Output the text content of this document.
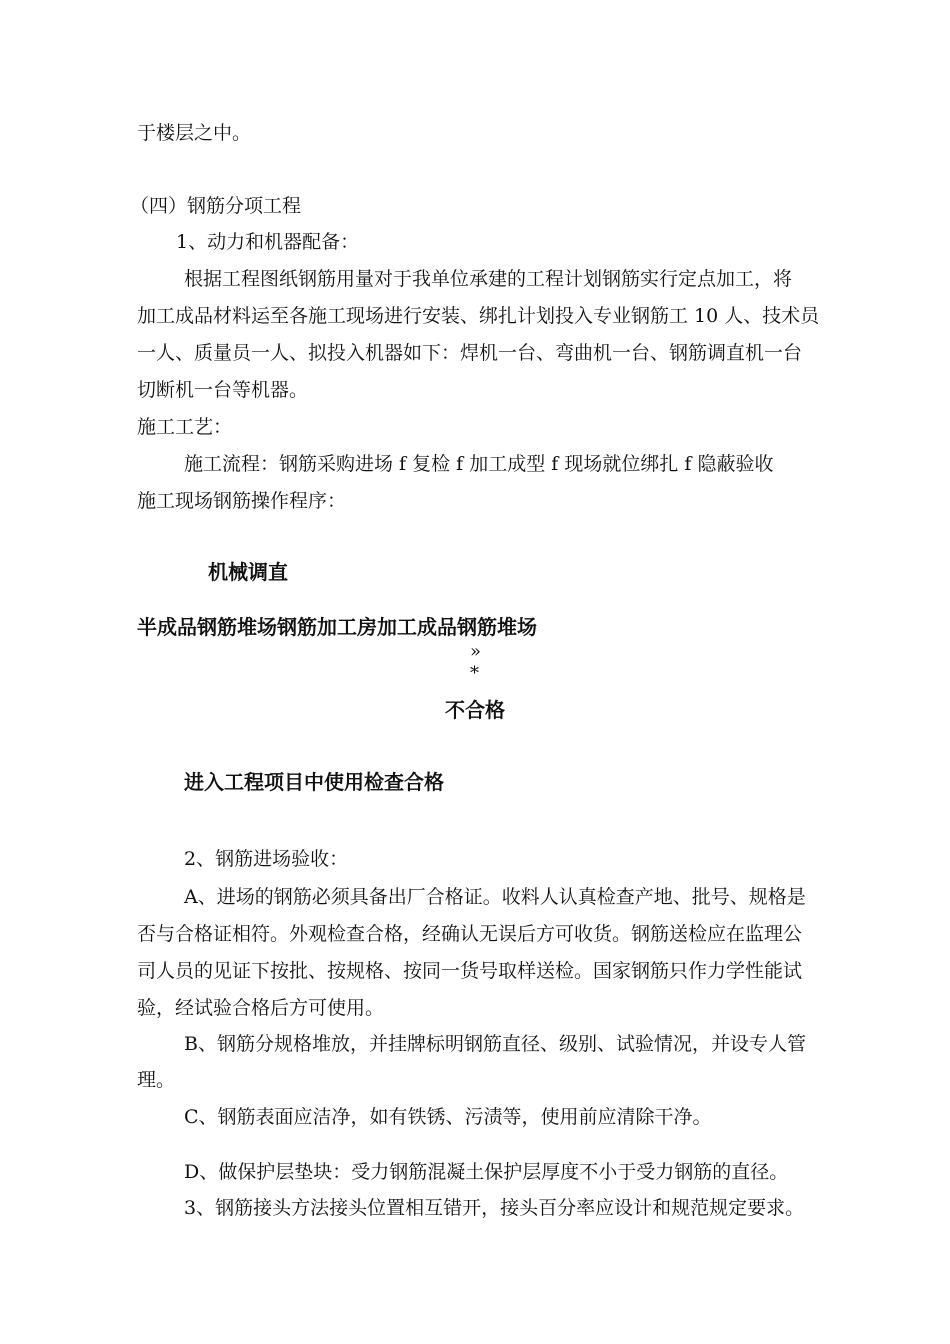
于楼层之中。
（四）钢筋分项工程
1、动力和机器配备：
根据工程图纸钢筋用量对于我单位承建的工程计划钢筋实行定点加工，将
加工成品材料运至各施工现场进行安装、绑扎计划投入专业钢筋工 10 人、技术员
一人、质量员一人、拟投入机器如下：焊机一台、弯曲机一台、钢筋调直机一台
切断机一台等机器。
施工工艺：
施工流程：钢筋采购进场 f 复检 f 加工成型 f 现场就位绑扎 f 隐蔽验收
施工现场钢筋操作程序：
机械调直
半成品钢筋堆场钢筋加工房加工成品钢筋堆场
»
*
不合格
进入工程项目中使用检查合格
2、钢筋进场验收：
A、进场的钢筋必须具备出厂合格证。收料人认真检查产地、批号、规格是
否与合格证相符。外观检查合格，经确认无误后方可收货。钢筋送检应在监理公
司人员的见证下按批、按规格、按同一货号取样送检。国家钢筋只作力学性能试
验，经试验合格后方可使用。
B、钢筋分规格堆放，并挂牌标明钢筋直径、级别、试验情况，并设专人管
理。
C、钢筋表面应洁净，如有铁锈、污渍等，使用前应清除干净。
D、做保护层垫块：受力钢筋混凝土保护层厚度不小于受力钢筋的直径。
3、钢筋接头方法接头位置相互错开，接头百分率应设计和规范规定要求。
